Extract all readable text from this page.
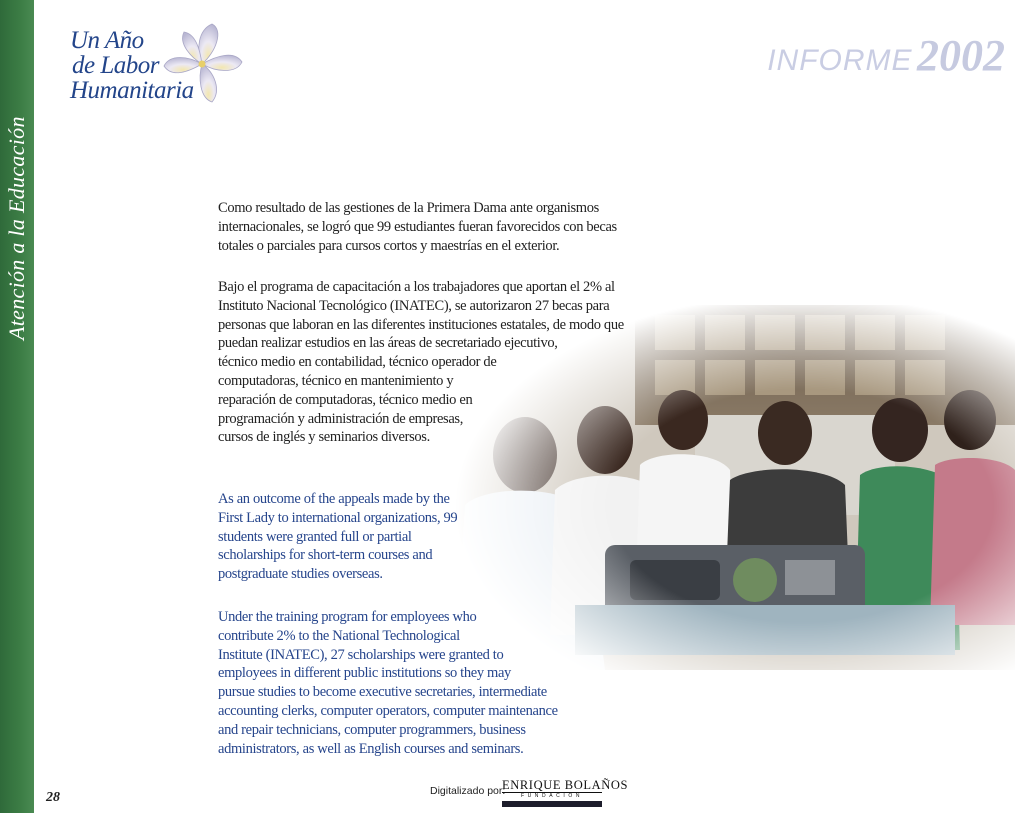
Atención a la Educación
Un Año
de Labor
Humanitaria
INFORME 2002
Como resultado de las gestiones de la Primera Dama ante organismos
internacionales, se logró que 99 estudiantes fueran favorecidos con becas
totales o parciales para cursos cortos y maestrías en el exterior.
Bajo el programa de capacitación a los trabajadores que aportan el 2% al
Instituto Nacional Tecnológico (INATEC), se autorizaron 27 becas para
personas que laboran en las diferentes instituciones estatales, de modo que
puedan realizar estudios en las áreas de secretariado ejecutivo,
técnico medio en contabilidad, técnico operador de
computadoras, técnico en mantenimiento y
reparación de computadoras, técnico medio en
programación y administración de empresas,
cursos de inglés y seminarios diversos.
As an outcome of the appeals made by the
First Lady to international organizations, 99
students were granted full or partial
scholarships for short-term courses and
postgraduate studies overseas.
Under the training program for employees who
contribute 2% to the National Technological
Institute (INATEC), 27 scholarships were granted to
employees in different public institutions so they may
pursue studies to become executive secretaries, intermediate
accounting clerks, computer operators, computer maintenance
and repair technicians, computer programmers, business
administrators, as well as English courses and seminars.
28	Digitalizado por:
ENRIQUE BOLAÑOS
FUNDACIÓN
